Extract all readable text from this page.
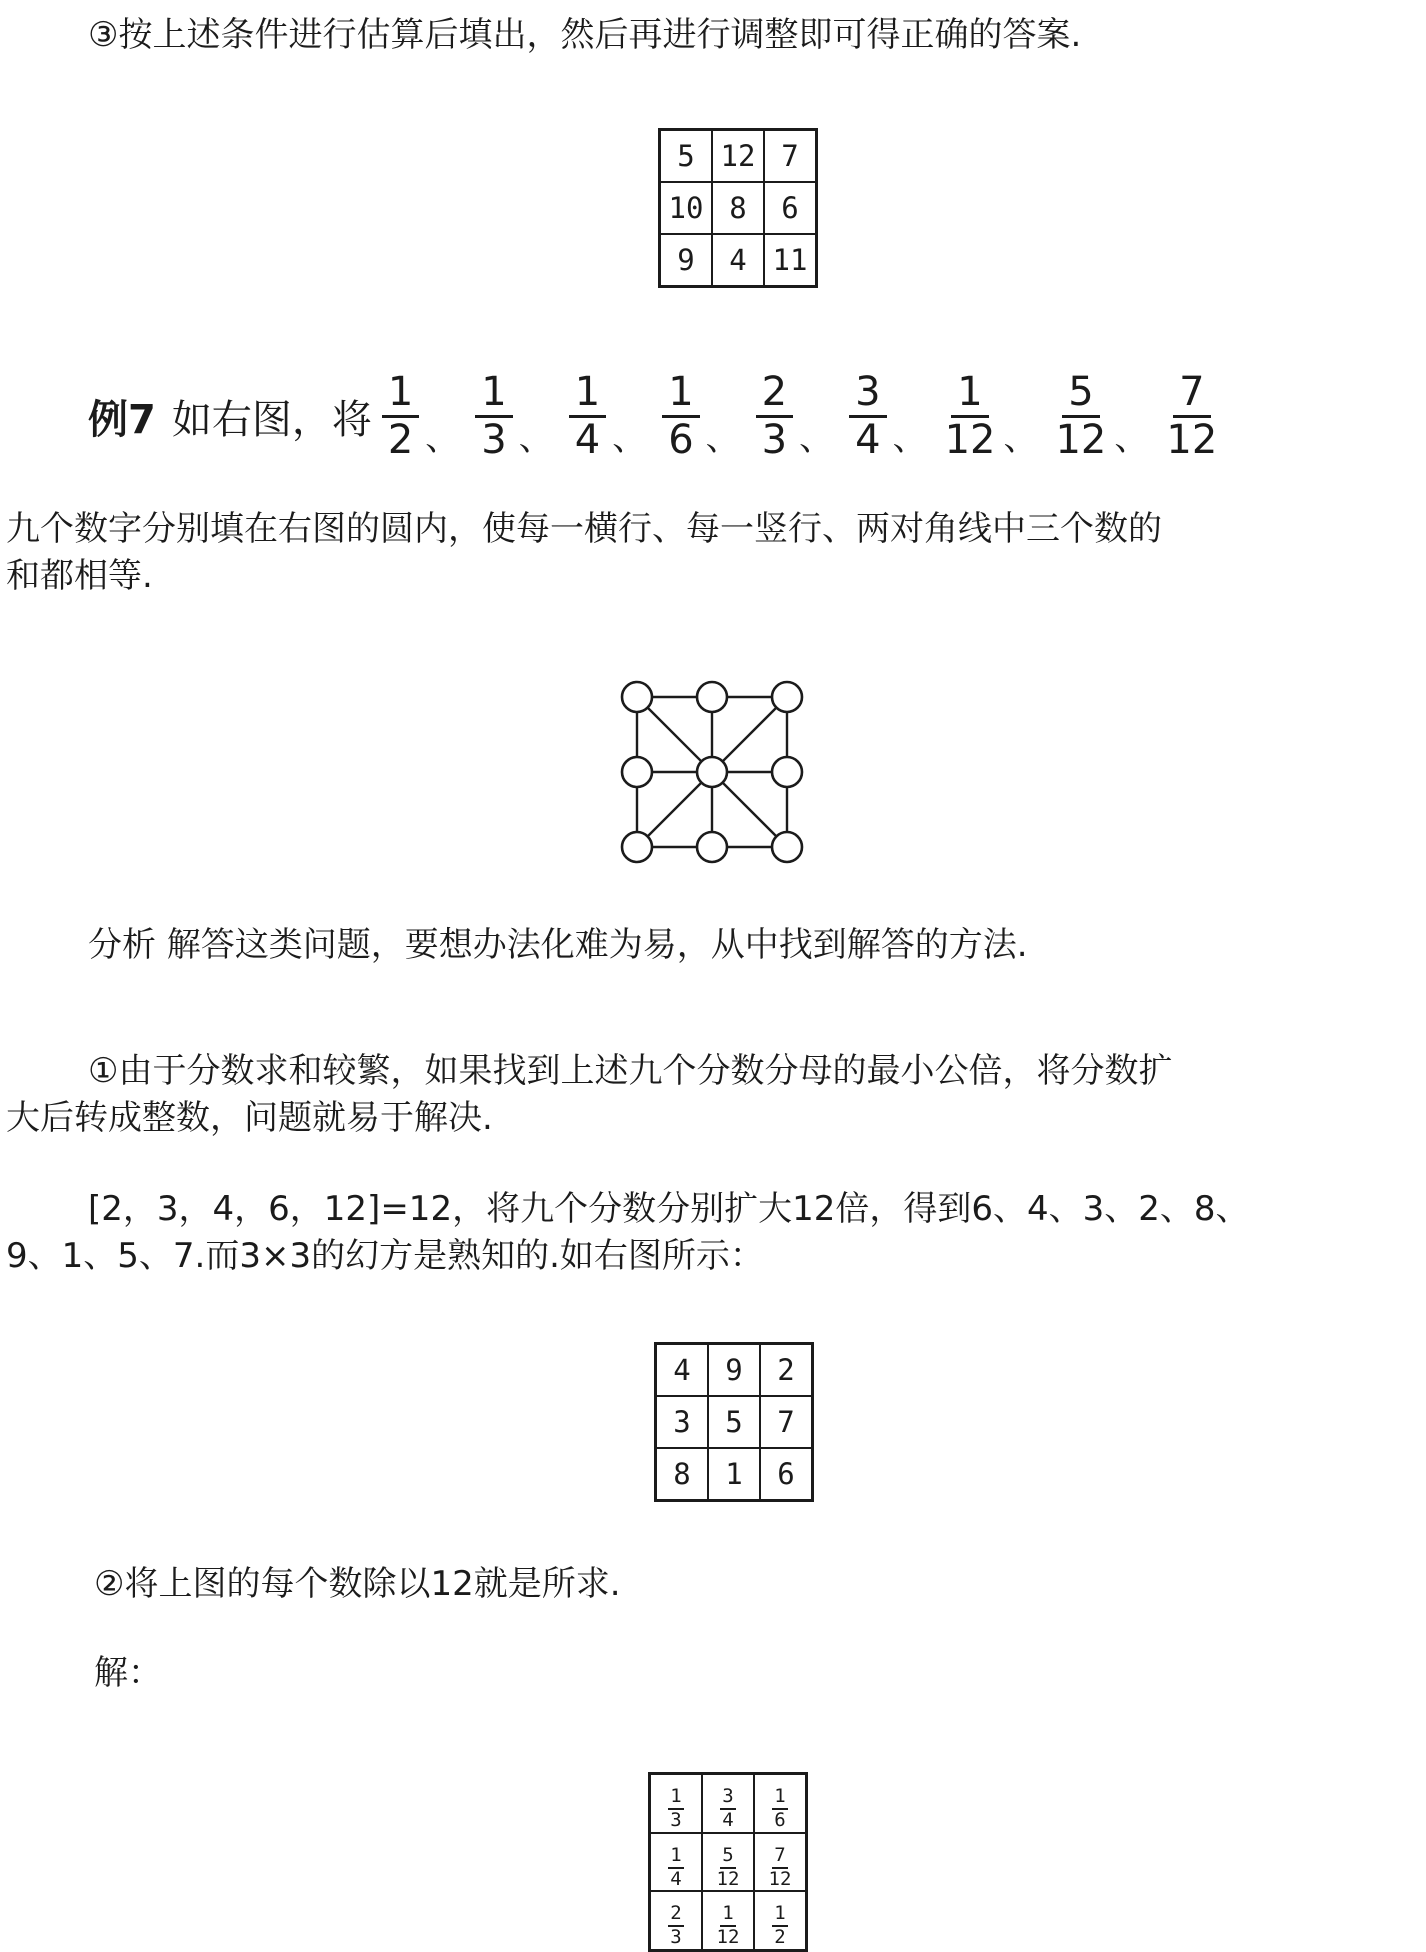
③按上述条件进行估算后填出，然后再进行调整即可得正确的答案.
5	12	7
10	8	6
9	4	11
例7 如右图，将 $\frac{1}{2}$ 、 $\frac{1}{3}$ 、 $\frac{1}{4}$ 、 $\frac{1}{6}$ 、 $\frac{2}{3}$ 、 $\frac{3}{4}$ 、 $\frac{1}{12}$ 、 $\frac{5}{12}$ 、 $\frac{7}{12}$
九个数字分别填在右图的圆内，使每一横行、每一竖行、两对角线中三个数的
和都相等.
分析 解答这类问题，要想办法化难为易，从中找到解答的方法.
①由于分数求和较繁，如果找到上述九个分数分母的最小公倍，将分数扩
大后转成整数，问题就易于解决.
[2，3，4，6，12]=12，将九个分数分别扩大12倍，得到6、4、3、2、8、
9、1、5、7.而3×3的幻方是熟知的.如右图所示：
4	9	2
3	5	7
8	1	6
②将上图的每个数除以12就是所求.
解：
$\frac{1}{3}$	$\frac{3}{4}$	$\frac{1}{6}$

$\frac{1}{4}$	$\frac{5}{12}$	$\frac{7}{12}$

$\frac{2}{3}$	$\frac{1}{12}$	$\frac{1}{2}$
